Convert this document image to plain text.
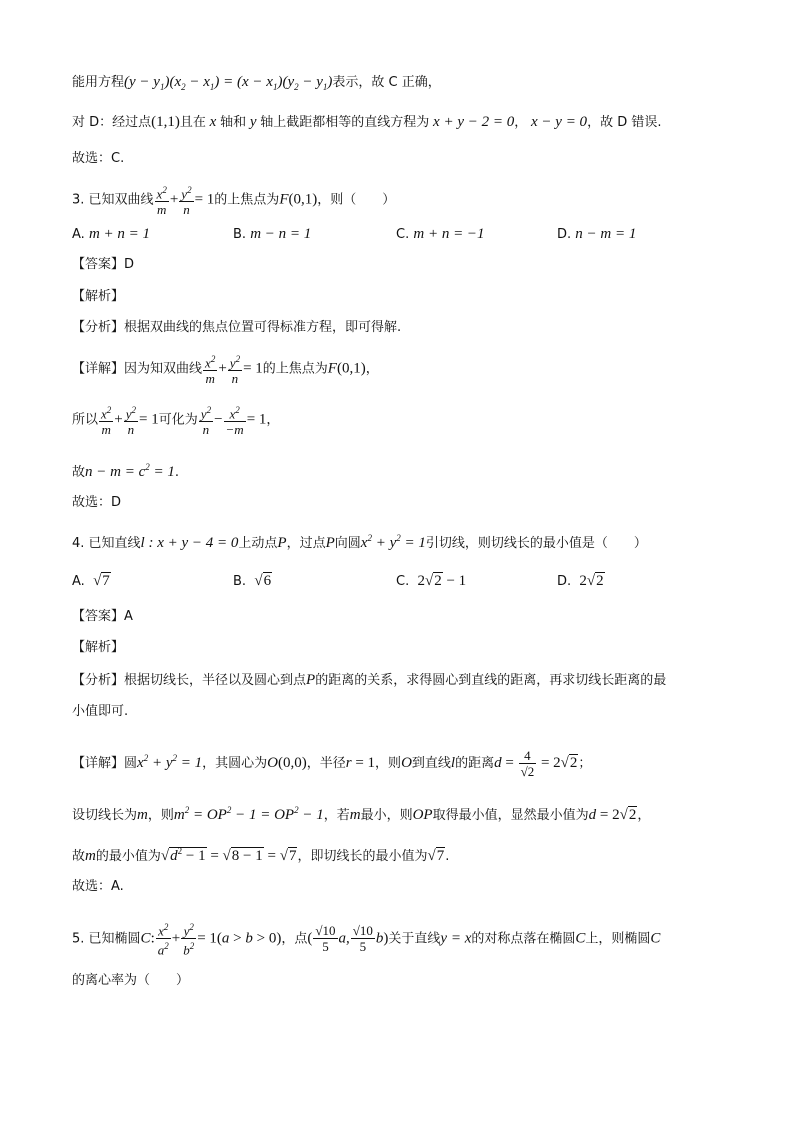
能用方程$(y - y_1)(x_2 - x_1) = (x - x_1)(y_2 - y_1)$表示，故 C 正确，
对 D：经过点(1,1)且在 x 轴和 y 轴上截距都相等的直线方程为 x + y − 2 = 0， x − y = 0，故 D 错误.
故选：C.
3. 已知双曲线 $\frac{x^2}{m} + \frac{y^2}{n} = 1$的上焦点为F(0,1)，则（　　）
A. m + n = 1	B. m − n = 1	C. m + n = −1	D. n − m = 1
【答案】D
【解析】
【分析】根据双曲线的焦点位置可得标准方程，即可得解.
【详解】因为知双曲线 $\frac{x^2}{m} + \frac{y^2}{n} = 1$的上焦点为F(0,1)，
所以 $\frac{x^2}{m} + \frac{y^2}{n} = 1$可化为 $\frac{y^2}{n} - \frac{x^2}{-m} = 1$，
故$n - m = c^2 = 1$.
故选：D
4. 已知直线l : x + y − 4 = 0上动点P，过点P向圆$x^2 + y^2 = 1$引切线，则切线长的最小值是（　　）
A. √7	B. √6	C. 2√2 − 1	D. 2√2
【答案】A
【解析】
【分析】根据切线长，半径以及圆心到点P的距离的关系，求得圆心到直线的距离，再求切线长距离的最
小值即可.
【详解】圆$x^2 + y^2 = 1$，其圆心为O(0,0)，半径r = 1，则O到直线l的距离$d = \frac{4}{√2} = 2√2$；
设切线长为m，则$m^2 = OP^2 - 1 = OP^2 - 1$，若m最小，则OP取得最小值，显然最小值为d = 2√2，
故m的最小值为$√d^2 - 1 = √8 - 1 = √7$，即切线长的最小值为√7.
故选：A.
5. 已知椭圆C: $\frac{x^2}{a^2} + \frac{y^2}{b^2} = 1(a > b > 0)$，点( $\frac{√10}{5} a$, $\frac{√10}{5} b$)关于直线y = x的对称点落在椭圆C上，则椭圆C
的离心率为（　　）
